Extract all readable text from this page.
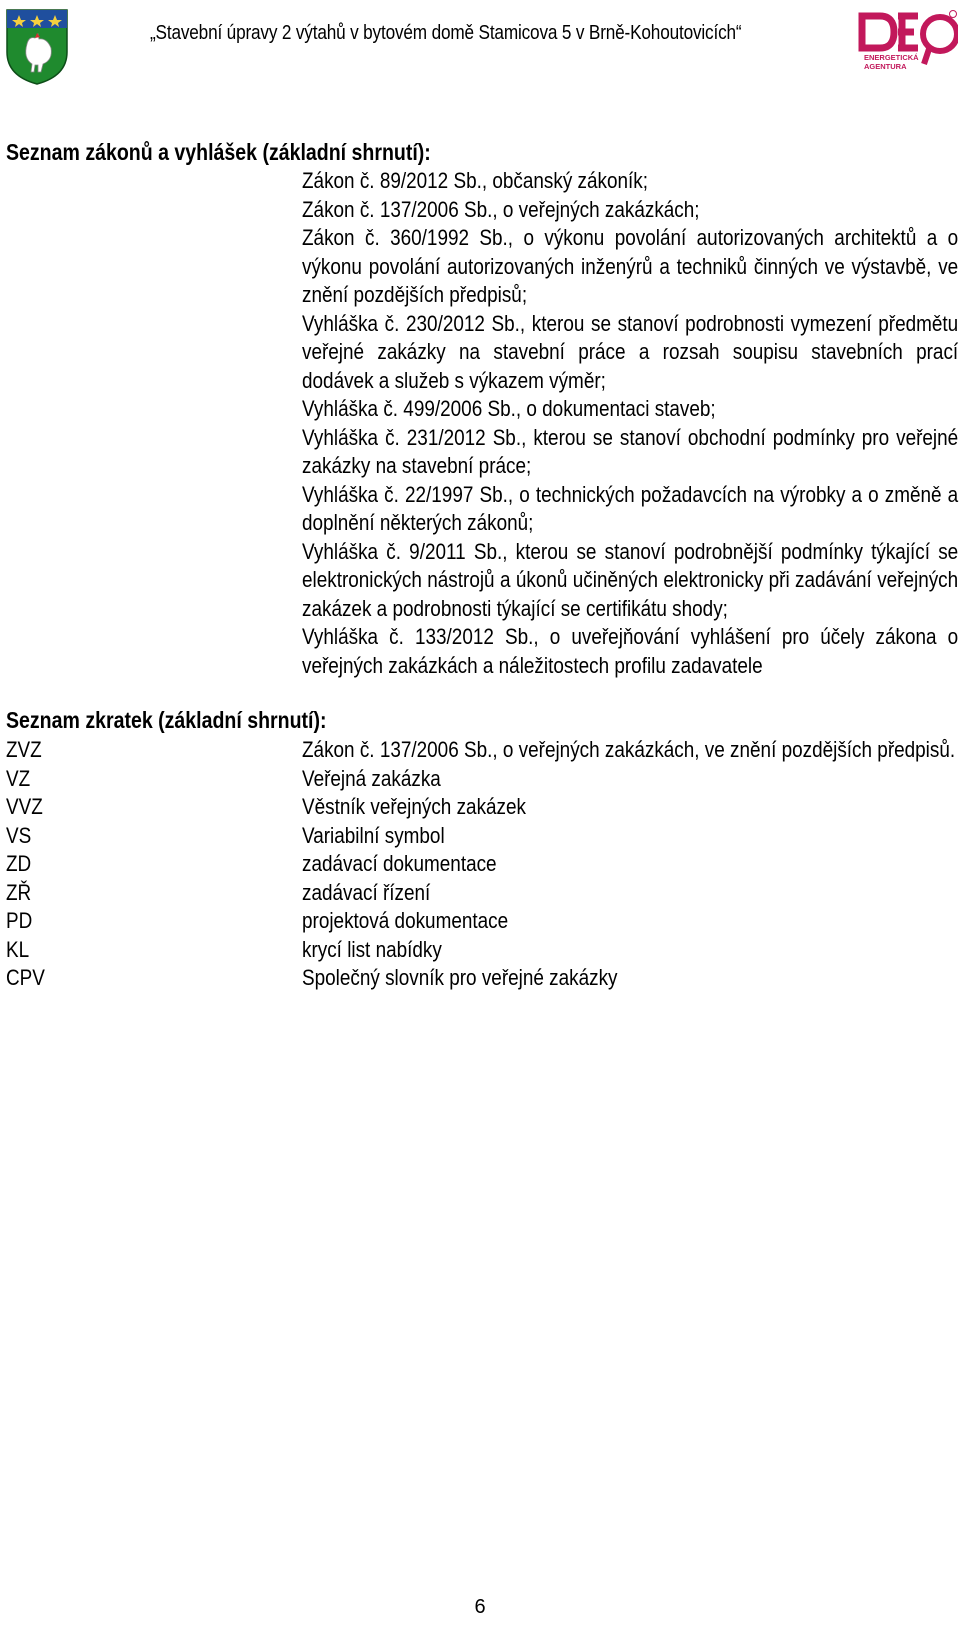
„Stavební úpravy 2 výtahů v bytovém domě Stamicova 5 v Brně-Kohoutovicích“
ENERGETICKÁ
AGENTURA
Seznam zákonů a vyhlášek (základní shrnutí):
Zákon č. 89/2012 Sb., občanský zákoník;
Zákon č. 137/2006 Sb., o veřejných zakázkách;
Zákon č. 360/1992 Sb., o výkonu povolání autorizovaných architektů a o výkonu povolání autorizovaných inženýrů a techniků činných ve výstavbě, ve znění pozdějších předpisů;
Vyhláška č. 230/2012 Sb., kterou se stanoví podrobnosti vymezení předmětu veřejné zakázky na stavební práce a rozsah soupisu stavebních prací dodávek a služeb s výkazem výměr;
Vyhláška č. 499/2006 Sb., o dokumentaci staveb;
Vyhláška č. 231/2012 Sb., kterou se stanoví obchodní podmínky pro veřejné zakázky na stavební práce;
Vyhláška č. 22/1997 Sb., o technických požadavcích na výrobky a o změně a doplnění některých zákonů;
Vyhláška č. 9/2011 Sb., kterou se stanoví podrobnější podmínky týkající se elektronických nástrojů a úkonů učiněných elektronicky při zadávání veřejných zakázek a podrobnosti týkající se certifikátu shody;
Vyhláška č. 133/2012 Sb., o uveřejňování vyhlášení pro účely zákona o veřejných zakázkách a náležitostech profilu zadavatele
Seznam zkratek (základní shrnutí):
ZVZ	Zákon č. 137/2006 Sb., o veřejných zakázkách, ve znění pozdějších předpisů.
VZ	Veřejná zakázka
VVZ	Věstník veřejných zakázek
VS	Variabilní symbol
ZD	zadávací dokumentace
ZŘ	zadávací řízení
PD	projektová dokumentace
KL	krycí list nabídky
CPV	Společný slovník pro veřejné zakázky
6
